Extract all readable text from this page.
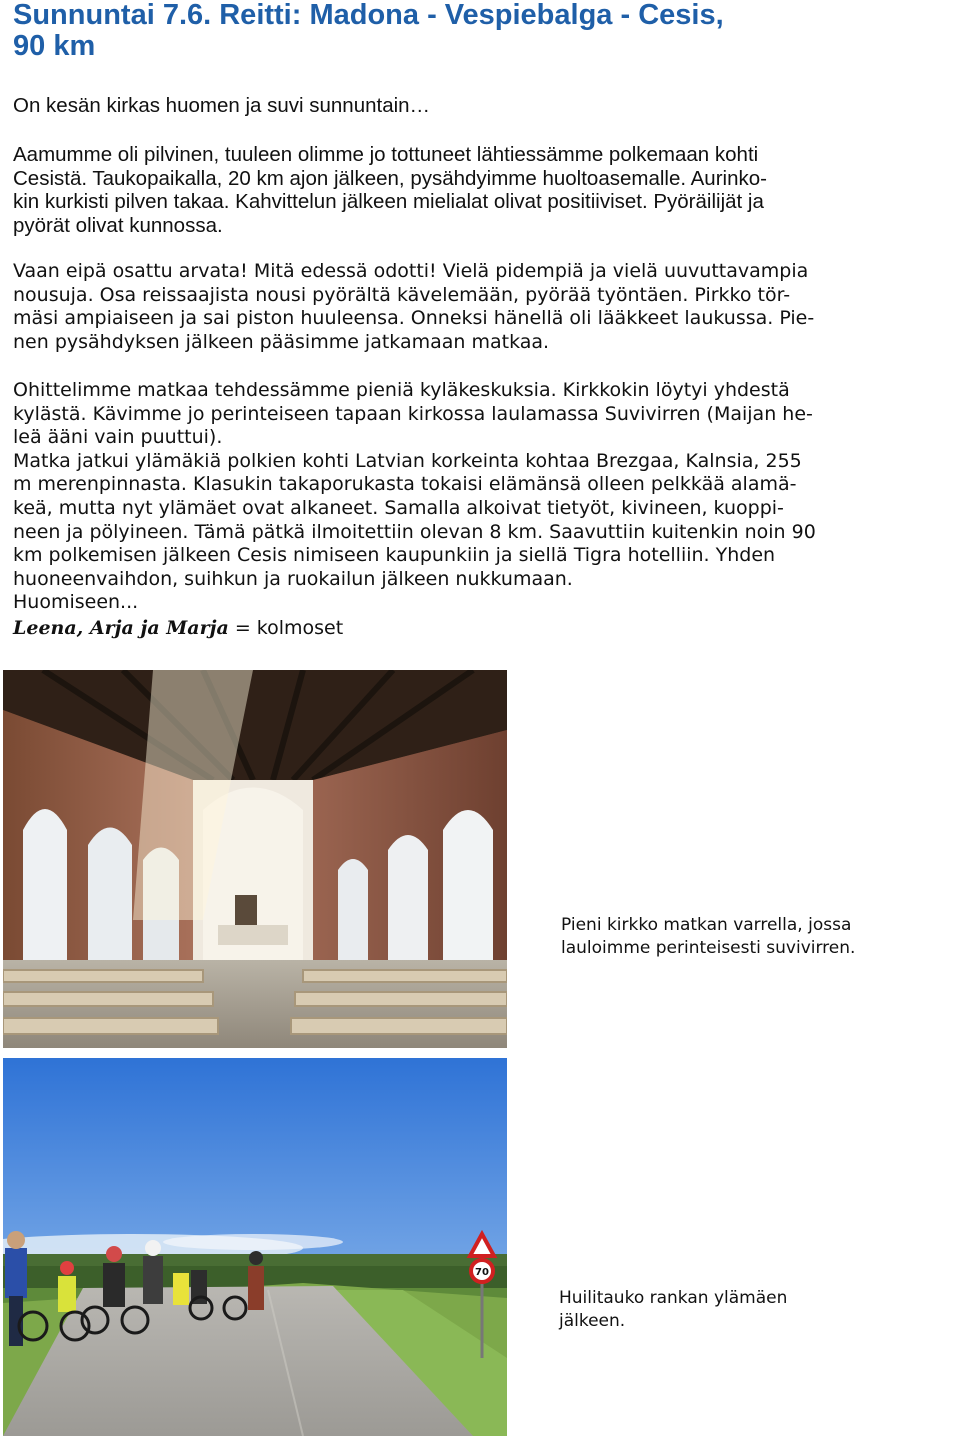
Sunnuntai 7.6. Reitti: Madona - Vespiebalga - Cesis,
90 km

On kesän kirkas huomen ja suvi sunnuntain…

Aamumme oli pilvinen, tuuleen olimme jo tottuneet lähtiessämme polkemaan kohti
Cesistä. Taukopaikalla, 20 km ajon jälkeen, pysähdyimme huoltoasemalle. Aurinko-
kin kurkisti pilven takaa. Kahvittelun jälkeen mielialat olivat positiiviset. Pyöräilijät ja
pyörät olivat kunnossa.

Vaan eipä osattu arvata! Mitä edessä odotti! Vielä pidempiä ja vielä uuvuttavampia
nousuja. Osa reissaajista nousi pyörältä kävelemään, pyörää työntäen. Pirkko tör-
mäsi ampiaiseen ja sai piston huuleensa. Onneksi hänellä oli lääkkeet laukussa. Pie-
nen pysähdyksen jälkeen pääsimme jatkamaan matkaa.

Ohittelimme matkaa tehdessämme pieniä kyläkeskuksia. Kirkkokin löytyi yhdestä
kylästä. Kävimme jo perinteiseen tapaan kirkossa laulamassa Suvivirren (Maijan he-
leä ääni vain puuttui).
Matka jatkui ylämäkiä polkien kohti Latvian korkeinta kohtaa Brezgaa, Kalnsia, 255
m merenpinnasta. Klasukin takaporukasta tokaisi elämänsä olleen pelkkää alamä-
keä, mutta nyt ylämäet ovat alkaneet. Samalla alkoivat tietyöt, kivineen, kuoppi-
neen ja pölyineen. Tämä pätkä ilmoitettiin olevan 8 km. Saavuttiin kuitenkin noin 90
km polkemisen jälkeen Cesis nimiseen kaupunkiin ja siellä Tigra hotelliin. Yhden
huoneenvaihdon, suihkun ja ruokailun jälkeen nukkumaan.
Huomiseen...

Leena, Arja ja Marja = kolmoset

Pieni kirkko matkan varrella, jossa
lauloimme perinteisesti suvivirren.
70
Huilitauko rankan ylämäen
jälkeen.
